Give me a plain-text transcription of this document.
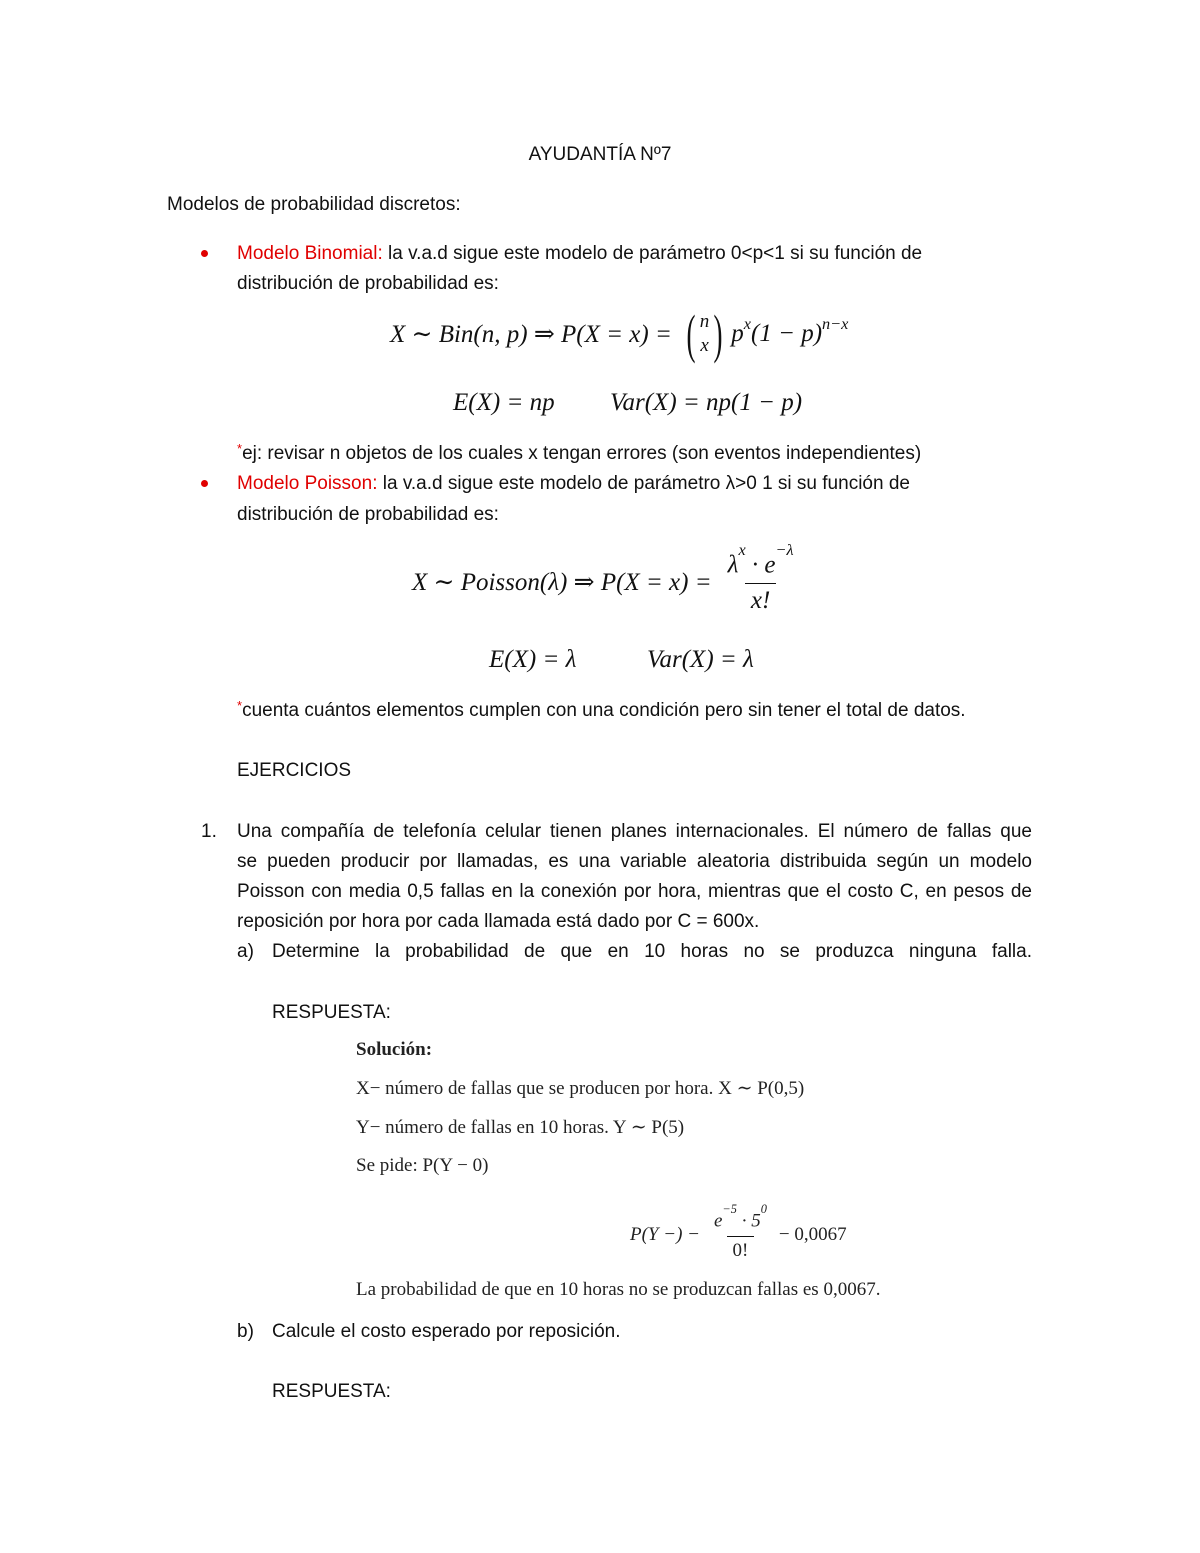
AYUDANTÍA Nº7
Modelos de probabilidad discretos:
Modelo Binomial: la v.a.d sigue este modelo de parámetro 0<p<1 si su función de
distribución de probabilidad es:
X ∼ Bin(n, p) ⇒ P(X = x) = ( n
x ) $p^x$ $(1 - p)^{n-x}$
E(X) = np Var(X) = np(1 − p)
*ej: revisar n objetos de los cuales x tengan errores (son eventos independientes)
Modelo Poisson: la v.a.d sigue este modelo de parámetro λ>0 1 si su función de
distribución de probabilidad es:
X ∼ Poisson(λ) ⇒ $P(X = x) = \frac{\lambda^x \cdot e^{-\lambda}}{x!}$
E(X) = λ	Var(X) = λ
*cuenta cuántos elementos cumplen con una condición pero sin tener el total de datos.
EJERCICIOS
1. Una compañía de telefonía celular tienen planes internacionales. El número de fallas que
se pueden producir por llamadas, es una variable aleatoria distribuida según un modelo
Poisson con media 0,5 fallas en la conexión por hora, mientras que el costo C, en pesos de
reposición por hora por cada llamada está dado por C = 600x.
a) Determine la probabilidad de que en 10 horas no se produzca ninguna falla.
RESPUESTA:
Solución:
X− número de fallas que se producen por hora. X ∼ P(0,5)
Y− número de fallas en 10 horas. Y ∼ P(5)
Se pide: P(Y − 0)
P(Y −) − $\frac{e^{-5} \cdot 5^0}{0!} - 0,0067$
La probabilidad de que en 10 horas no se produzcan fallas es 0,0067.
b) Calcule el costo esperado por reposición.
RESPUESTA:
